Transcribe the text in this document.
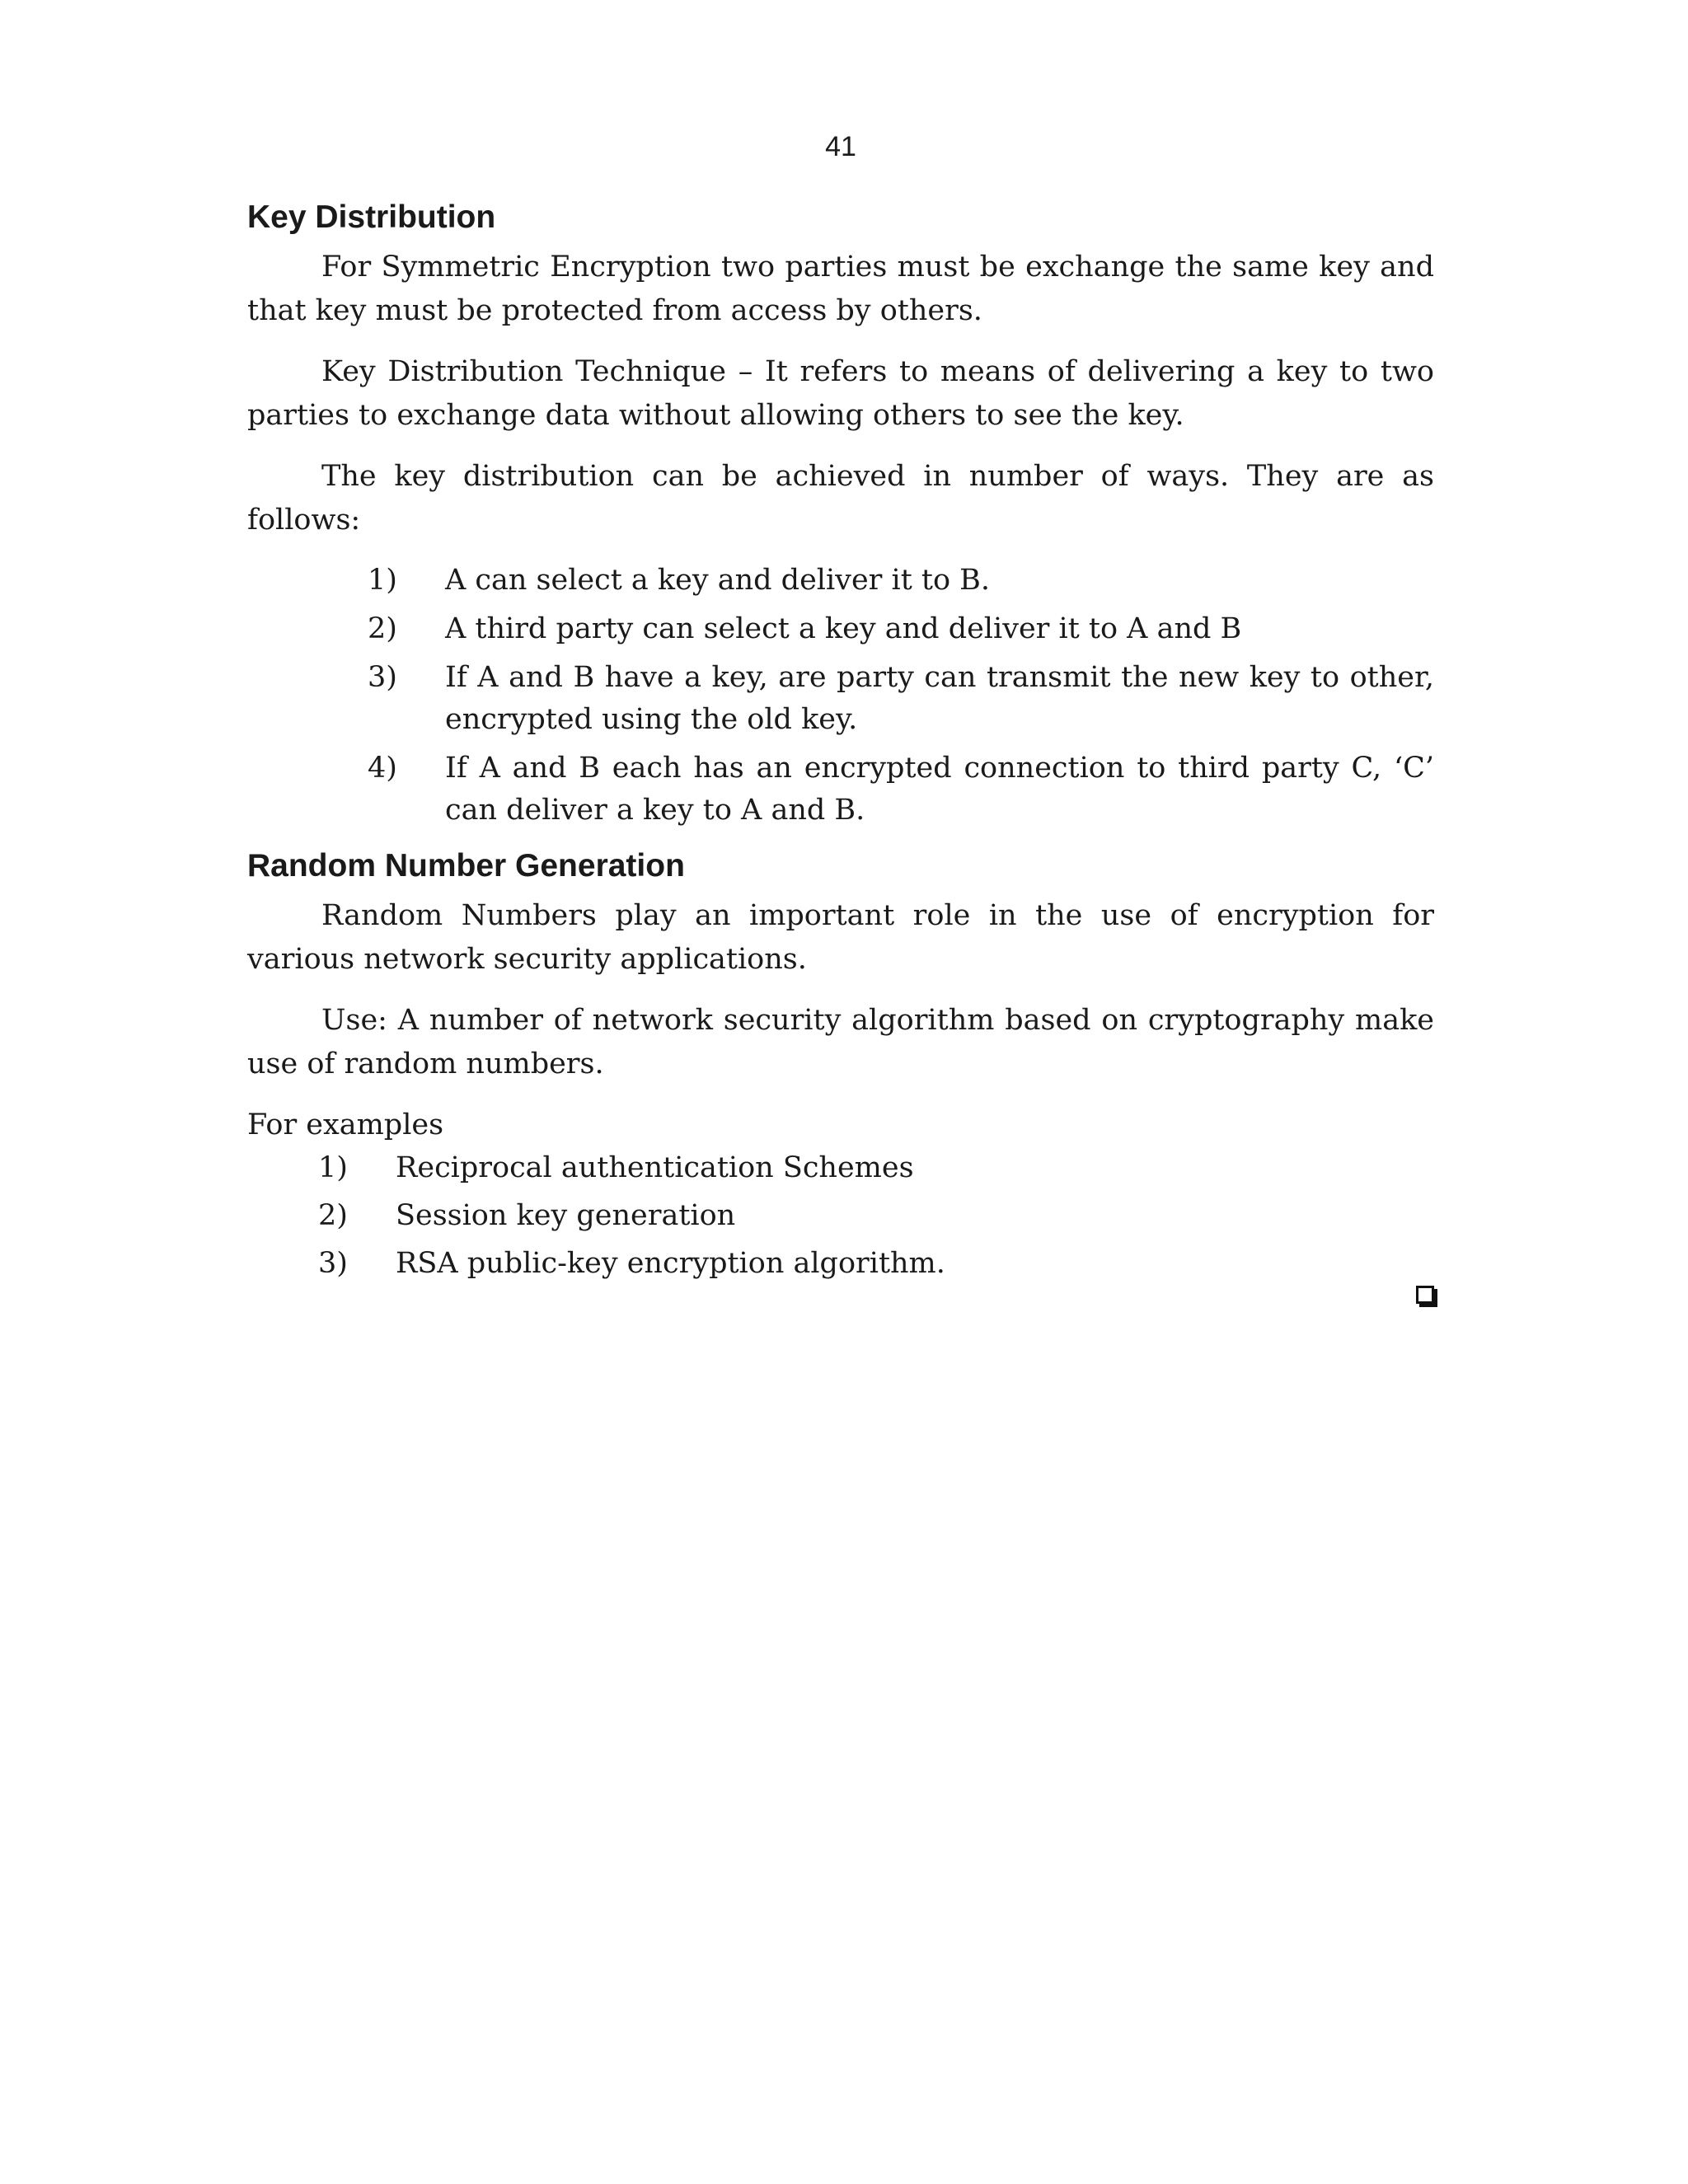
41
Key Distribution

For Symmetric Encryption two parties must be exchange the same key and that key must be protected from access by others.

Key Distribution Technique – It refers to means of delivering a key to two parties to exchange data without allowing others to see the key.

The key distribution can be achieved in number of ways. They are as follows:

1) A can select a key and deliver it to B.
2) A third party can select a key and deliver it to A and B
3) If A and B have a key, are party can transmit the new key to other, encrypted using the old key.
4) If A and B each has an encrypted connection to third party C, ‘C’ can deliver a key to A and B.
Random Number Generation

Random Numbers play an important role in the use of encryption for various network security applications.

Use: A number of network security algorithm based on cryptography make use of random numbers.

For examples

1) Reciprocal authentication Schemes
2) Session key generation
3) RSA public-key encryption algorithm.
